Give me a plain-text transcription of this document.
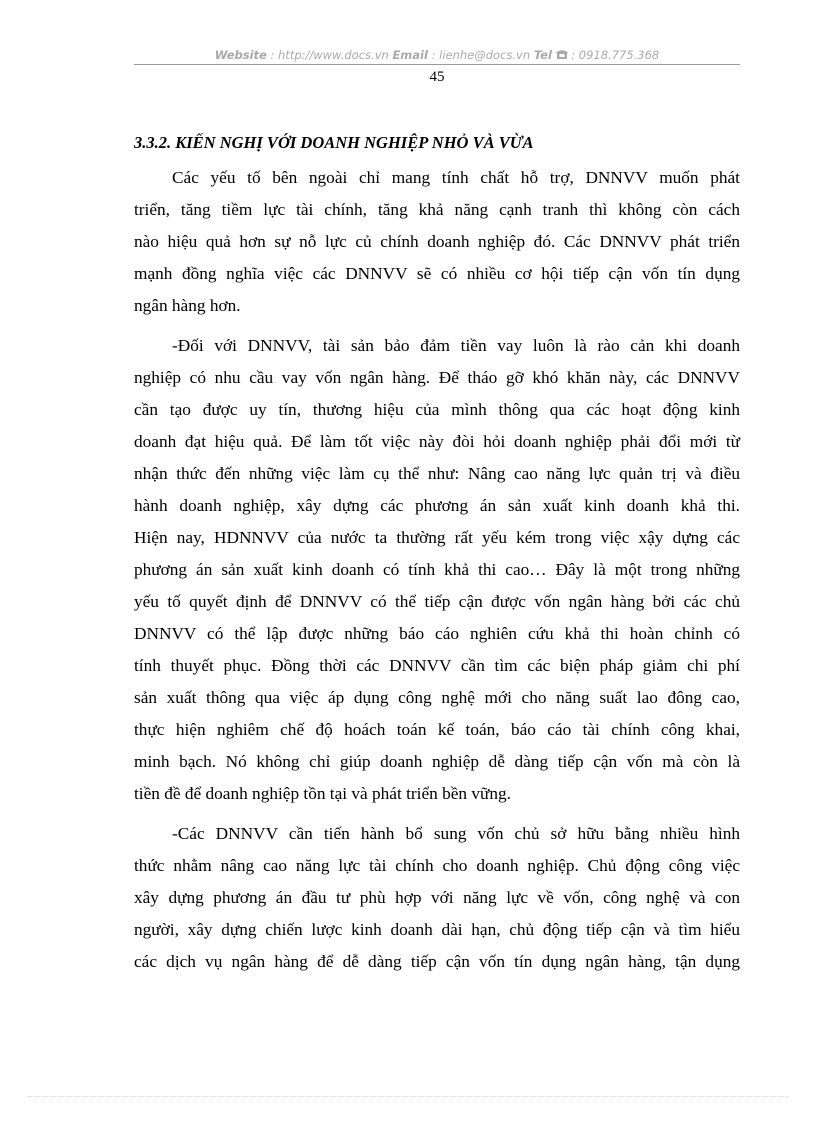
Website : http://www.docs.vn Email : lienhe@docs.vn Tel : 0918.775.368
45
3.3.2. KIẾN NGHỊ VỚI DOANH NGHIỆP NHỎ VÀ VỪA
Các yếu tố bên ngoài chỉ mang tính chất hỗ trợ, DNNVV muốn phát
triển, tăng tiềm lực tài chính, tăng khả năng cạnh tranh thì không còn cách
nào hiệu quả hơn sự nỗ lực củ chính doanh nghiệp đó. Các DNNVV phát triển
mạnh đồng nghĩa việc các DNNVV sẽ có nhiều cơ hội tiếp cận vốn tín dụng
ngân hàng hơn.
-Đối với DNNVV, tài sản bảo đảm tiền vay luôn là rào cản khi doanh
nghiệp có nhu cầu vay vốn ngân hàng. Để tháo gỡ khó khăn này, các DNNVV
cần tạo được uy tín, thương hiệu của mình thông qua các hoạt động kinh
doanh đạt hiệu quả. Để làm tốt việc này đòi hỏi doanh nghiệp phải đổi mới từ
nhận thức đến những việc làm cụ thể như: Nâng cao năng lực quản trị và điều
hành doanh nghiệp, xây dựng các phương án sản xuất kinh doanh khả thi.
Hiện nay, HDNNVV của nước ta thường rất yếu kém trong việc xậy dựng các
phương án sản xuất kinh doanh có tính khả thi cao… Đây là một trong những
yếu tố quyết định để DNNVV có thể tiếp cận được vốn ngân hàng bởi các chủ
DNNVV có thể lập được những báo cáo nghiên cứu khả thi hoàn chỉnh có
tính thuyết phục. Đồng thời các DNNVV cần tìm các biện pháp giảm chi phí
sản xuất thông qua việc áp dụng công nghệ mới cho năng suất lao đông cao,
thực hiện nghiêm chế độ hoách toán kế toán, báo cáo tài chính công khai,
minh bạch. Nó không chỉ giúp doanh nghiệp dễ dàng tiếp cận vốn mà còn là
tiền đề để doanh nghiệp tồn tại và phát triển bền vững.
-Các DNNVV cần tiến hành bổ sung vốn chủ sở hữu bằng nhiều hình
thức nhằm nâng cao năng lực tài chính cho doanh nghiệp. Chủ động công việc
xây dựng phương án đầu tư phù hợp với năng lực về vốn, công nghệ và con
người, xây dựng chiến lược kinh doanh dài hạn, chủ động tiếp cận và tìm hiểu
các dịch vụ ngân hàng để dễ dàng tiếp cận vốn tín dụng ngân hàng, tận dụng
